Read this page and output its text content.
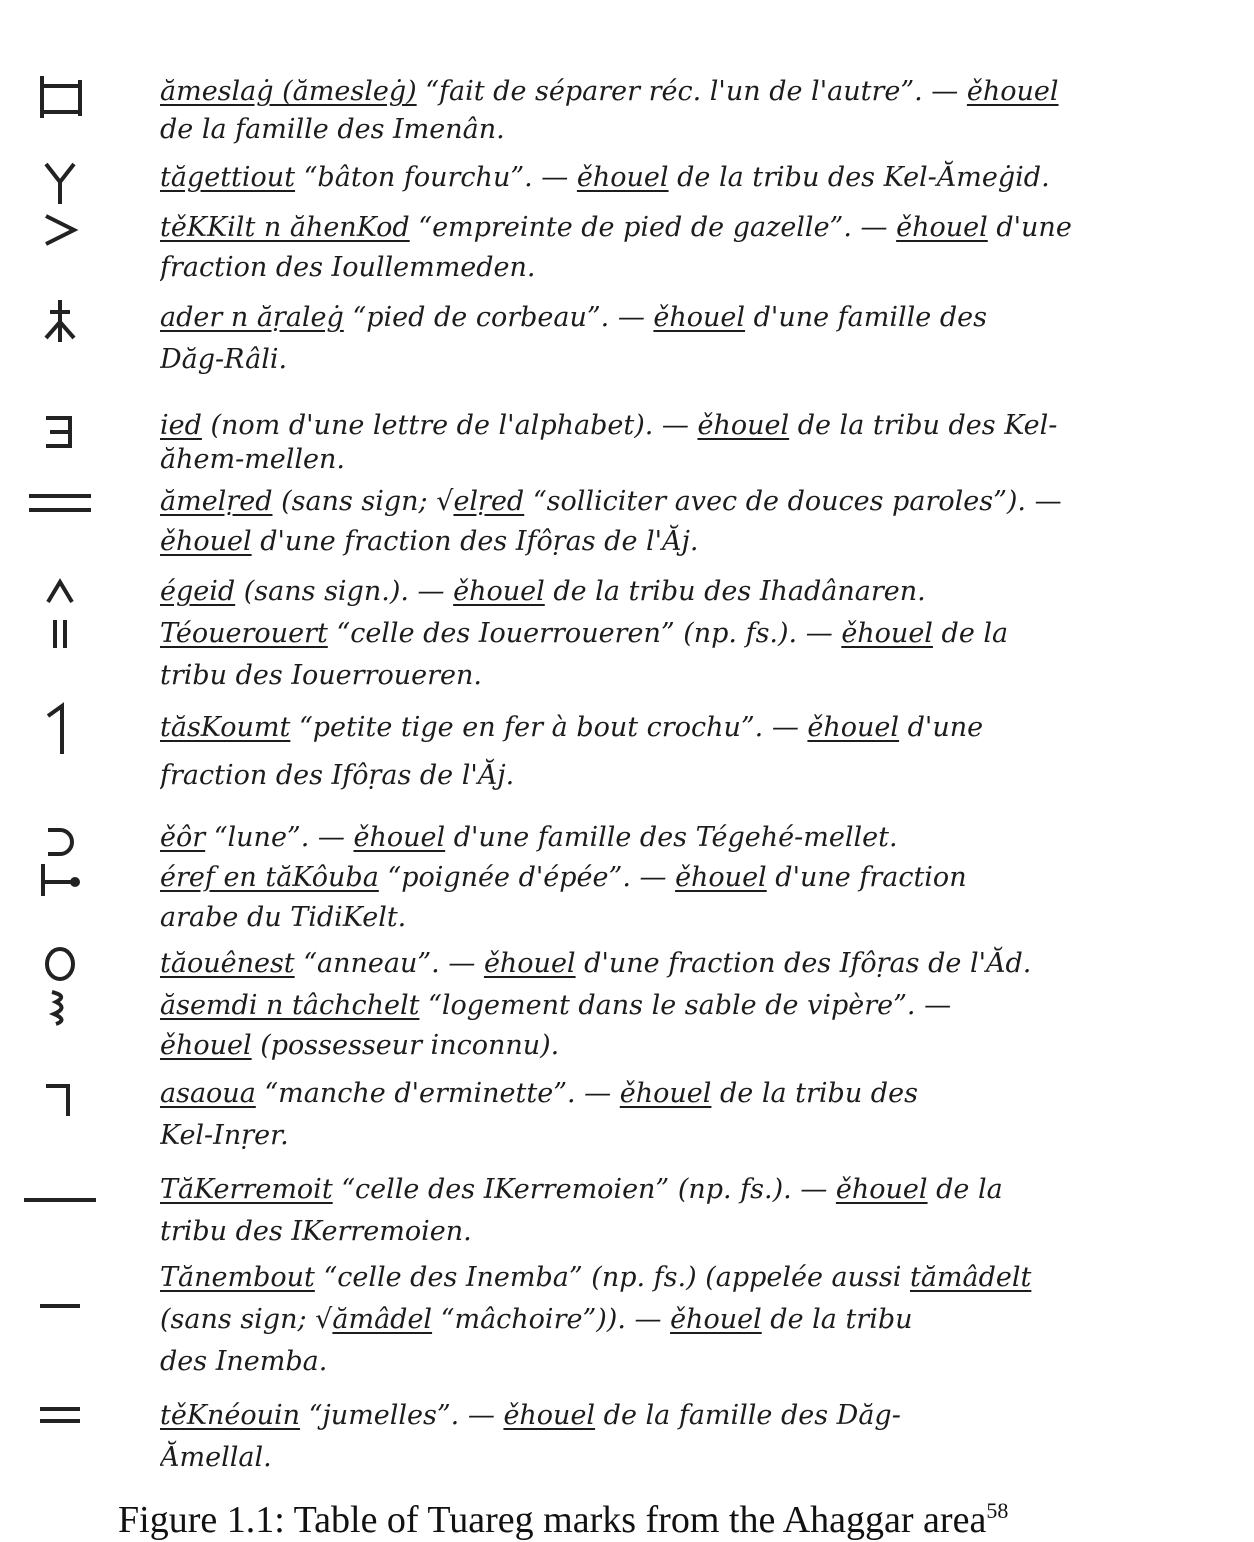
ămeslaġ (ămesleġ) “fait de séparer réc. l'un de l'autre”. — ěhouel
de la famille des Imenân.
tăgettiout “bâton fourchu”. — ěhouel de la tribu des Kel-Ămeġid.
těKKilt n ăhenKod “empreinte de pied de gazelle”. — ěhouel d'une
fraction des Ioullemmeden.
ader n ăṛaleġ “pied de corbeau”. — ěhouel d'une famille des
Dăg-Râli.
ied (nom d'une lettre de l'alphabet). — ěhouel de la tribu des Kel-
ăhem-mellen.
ămelṛed (sans sign; √elṛed “solliciter avec de douces paroles”). —
ěhouel d'une fraction des Ifôṛas de l'Ăj.
égeid (sans sign.). — ěhouel de la tribu des Ihadânaren.
Téouerouert “celle des Iouerroueren” (np. fs.). — ěhouel de la
tribu des Iouerroueren.
tăsKoumt “petite tige en fer à bout crochu”. — ěhouel d'une
fraction des Ifôṛas de l'Ăj.
ěôr “lune”. — ěhouel d'une famille des Tégehé-mellet.
éref en tăKôuba “poignée d'épée”. — ěhouel d'une fraction
arabe du TidiKelt.
tăouênest “anneau”. — ěhouel d'une fraction des Ifôṛas de l'Ăd.
ăsemdi n tâchchelt “logement dans le sable de vipère”. —
ěhouel (possesseur inconnu).
asaoua “manche d'erminette”. — ěhouel de la tribu des
Kel-Inṛer.
TăKerremoit “celle des IKerremoien” (np. fs.). — ěhouel de la
tribu des IKerremoien.
Tănembout “celle des Inemba” (np. fs.) (appelée aussi tămâdelt
(sans sign; √ămâdel “mâchoire”)). — ěhouel de la tribu
des Inemba.
těKnéouin “jumelles”. — ěhouel de la famille des Dăg-
Ămellal.
Figure 1.1: Table of Tuareg marks from the Ahaggar area$^{58}$
